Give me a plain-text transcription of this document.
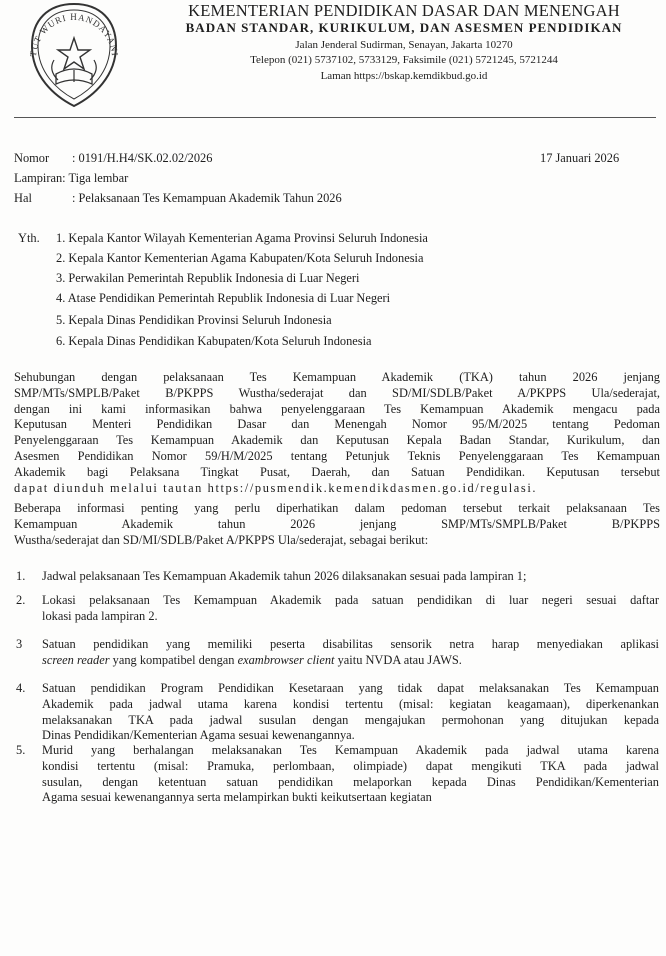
TUT WURI HANDAYANI
KEMENTERIAN PENDIDIKAN DASAR DAN MENENGAH
BADAN STANDAR, KURIKULUM, DAN ASESMEN PENDIDIKAN
Jalan Jenderal Sudirman, Senayan, Jakarta 10270
Telepon (021) 5737102, 5733129, Faksimile (021) 5721245, 5721244
Laman https://bskap.kemdikbud.go.id
Nomor : 0191/H.H4/SK.02.02/2026	17 Januari 2026
Lampiran: Tiga lembar
Hal	: Pelaksanaan Tes Kemampuan Akademik Tahun 2026
Yth. 1. Kepala Kantor Wilayah Kementerian Agama Provinsi Seluruh Indonesia
2. Kepala Kantor Kementerian Agama Kabupaten/Kota Seluruh Indonesia
3. Perwakilan Pemerintah Republik Indonesia di Luar Negeri
4. Atase Pendidikan Pemerintah Republik Indonesia di Luar Negeri
5. Kepala Dinas Pendidikan Provinsi Seluruh Indonesia
6. Kepala Dinas Pendidikan Kabupaten/Kota Seluruh Indonesia
Sehubungan dengan pelaksanaan Tes Kemampuan Akademik (TKA) tahun 2026 jenjang
SMP/MTs/SMPLB/Paket B/PKPPS Wustha/sederajat dan SD/MI/SDLB/Paket A/PKPPS Ula/sederajat,
dengan ini kami informasikan bahwa penyelenggaraan Tes Kemampuan Akademik mengacu pada
Keputusan Menteri Pendidikan Dasar dan Menengah Nomor 95/M/2025 tentang Pedoman
Penyelenggaraan Tes Kemampuan Akademik dan Keputusan Kepala Badan Standar, Kurikulum, dan
Asesmen Pendidikan Nomor 59/H/M/2025 tentang Petunjuk Teknis Penyelenggaraan Tes Kemampuan
Akademik bagi Pelaksana Tingkat Pusat, Daerah, dan Satuan Pendidikan. Keputusan tersebut
dapat diunduh melalui tautan https://pusmendik.kemendikdasmen.go.id/regulasi.
Beberapa informasi penting yang perlu diperhatikan dalam pedoman tersebut terkait pelaksanaan Tes
Kemampuan Akademik tahun 2026 jenjang SMP/MTs/SMPLB/Paket B/PKPPS
Wustha/sederajat dan SD/MI/SDLB/Paket A/PKPPS Ula/sederajat, sebagai berikut:
1. Jadwal pelaksanaan Tes Kemampuan Akademik tahun 2026 dilaksanakan sesuai pada lampiran 1;
2. Lokasi pelaksanaan Tes Kemampuan Akademik pada satuan pendidikan di luar negeri sesuai daftar
lokasi pada lampiran 2.
3 Satuan pendidikan yang memiliki peserta disabilitas sensorik netra harap menyediakan aplikasi
screen reader yang kompatibel dengan exambrowser client yaitu NVDA atau JAWS.
4. Satuan pendidikan Program Pendidikan Kesetaraan yang tidak dapat melaksanakan Tes Kemampuan
Akademik pada jadwal utama karena kondisi tertentu (misal: kegiatan keagamaan), diperkenankan
melaksanakan TKA pada jadwal susulan dengan mengajukan permohonan yang ditujukan kepada
Dinas Pendidikan/Kementerian Agama sesuai kewenangannya.
5. Murid yang berhalangan melaksanakan Tes Kemampuan Akademik pada jadwal utama karena
kondisi tertentu (misal: Pramuka, perlombaan, olimpiade) dapat mengikuti TKA pada jadwal
susulan, dengan ketentuan satuan pendidikan melaporkan kepada Dinas Pendidikan/Kementerian
Agama sesuai kewenangannya serta melampirkan bukti keikutsertaan kegiatan
